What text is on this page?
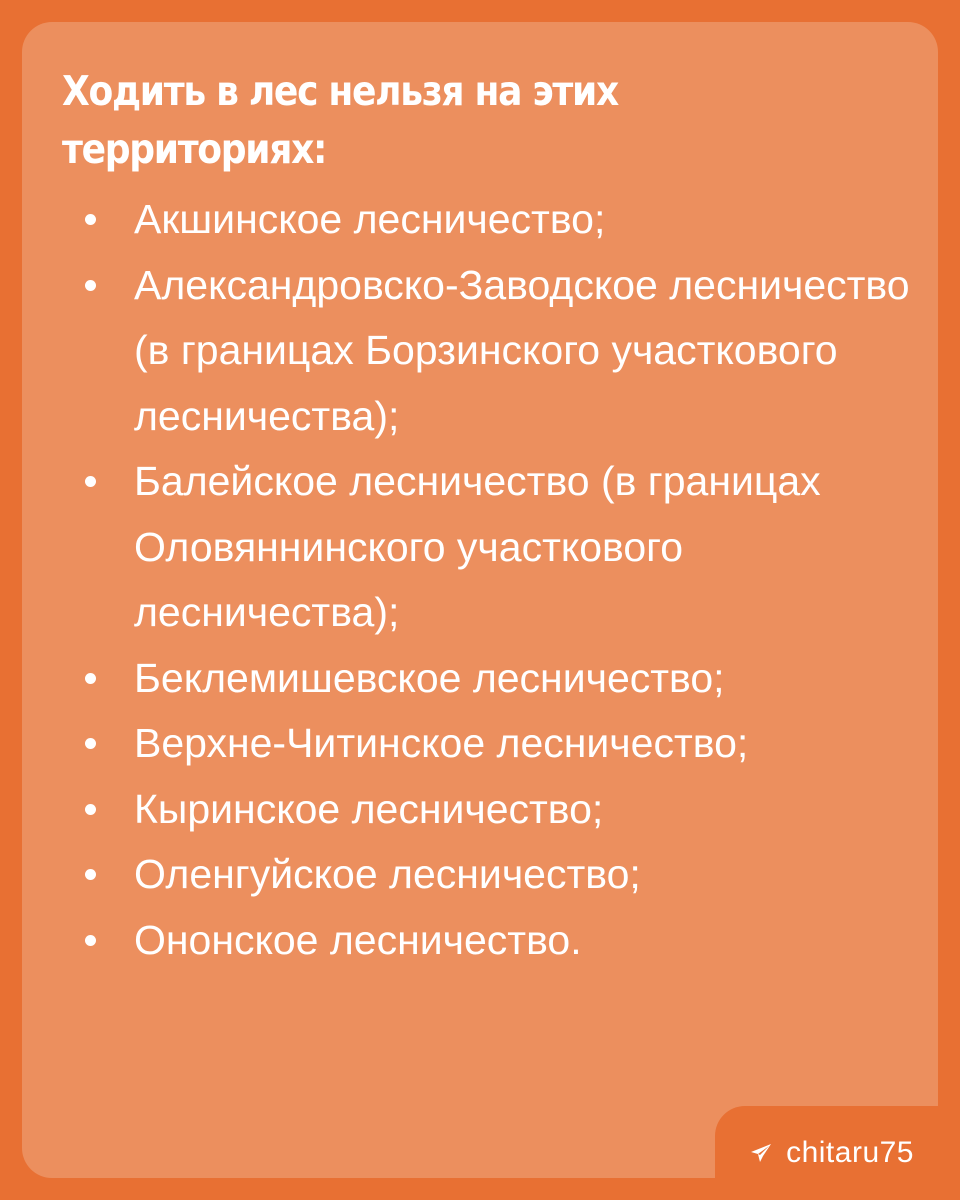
Ходить в лес нельзя на этих территориях:
Акшинское лесничество;
Александровско-Заводское лесничество (в границах Борзинского участкового лесничества);
Балейское лесничество (в границах Оловяннинского участкового лесничества);
Беклемишевское лесничество;
Верхне-Читинское лесничество;
Кыринское лесничество;
Оленгуйское лесничество;
Ононское лесничество.
chitaru75
